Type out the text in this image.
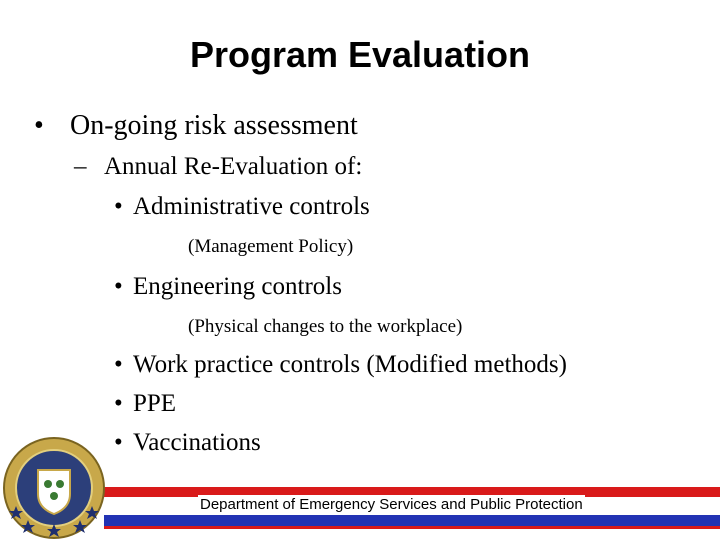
Program Evaluation
• On-going risk assessment
– Annual Re-Evaluation of:
• Administrative controls
(Management Policy)
• Engineering controls
(Physical changes to the workplace)
• Work practice controls (Modified methods)
• PPE
• Vaccinations
Department of Emergency Services and Public Protection
